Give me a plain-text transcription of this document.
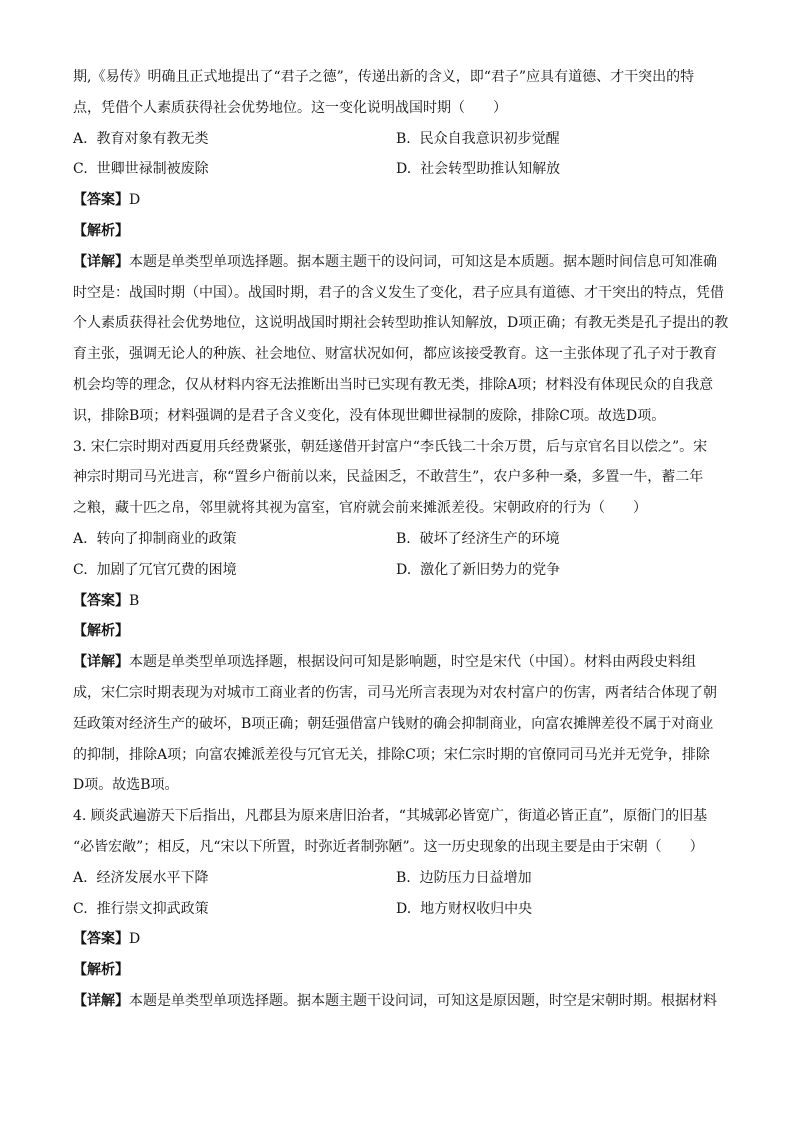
期,《易传》明确且正式地提出了“君子之德”，传递出新的含义，即“君子”应具有道德、才干突出的特

点，凭借个人素质获得社会优势地位。这一变化说明战国时期（　　）

A. 教育对象有教无类	B. 民众自我意识初步觉醒
C. 世卿世禄制被废除	D. 社会转型助推认知解放
【答案】D
【解析】

【详解】本题是单类型单项选择题。据本题主题干的设问词，可知这是本质题。据本题时间信息可知准确

时空是：战国时期（中国）。战国时期，君子的含义发生了变化，君子应具有道德、才干突出的特点，凭借

个人素质获得社会优势地位，这说明战国时期社会转型助推认知解放，D项正确；有教无类是孔子提出的教

育主张，强调无论人的种族、社会地位、财富状况如何，都应该接受教育。这一主张体现了孔子对于教育

机会均等的理念，仅从材料内容无法推断出当时已实现有教无类，排除A项；材料没有体现民众的自我意

识，排除B项；材料强调的是君子含义变化，没有体现世卿世禄制的废除，排除C项。故选D项。

3. 宋仁宗时期对西夏用兵经费紧张，朝廷遂借开封富户“李氏钱二十余万贯，后与京官名目以偿之”。宋

神宗时期司马光进言，称“置乡户衙前以来，民益困乏，不敢营生”，农户多种一桑，多置一牛，蓄二年

之粮，藏十匹之帛，邻里就将其视为富室，官府就会前来摊派差役。宋朝政府的行为（　　）

A. 转向了抑制商业的政策	B. 破坏了经济生产的环境
C. 加剧了冗官冗费的困境	D. 激化了新旧势力的党争
【答案】B
【解析】

【详解】本题是单类型单项选择题，根据设问可知是影响题，时空是宋代（中国）。材料由两段史料组

成，宋仁宗时期表现为对城市工商业者的伤害，司马光所言表现为对农村富户的伤害，两者结合体现了朝

廷政策对经济生产的破坏，B项正确；朝廷强借富户钱财的确会抑制商业，向富农摊牌差役不属于对商业

的抑制，排除A项；向富农摊派差役与冗官无关，排除C项；宋仁宗时期的官僚同司马光并无党争，排除

D项。故选B项。

4. 顾炎武遍游天下后指出，凡郡县为原来唐旧治者，“其城郭必皆宽广，街道必皆正直”，原衙门的旧基

“必皆宏敞”；相反，凡“宋以下所置，时弥近者制弥陋”。这一历史现象的出现主要是由于宋朝（　　）

A. 经济发展水平下降	B. 边防压力日益增加
C. 推行崇文抑武政策	D. 地方财权收归中央
【答案】D
【解析】

【详解】本题是单类型单项选择题。据本题主题干设问词，可知这是原因题，时空是宋朝时期。根据材料
